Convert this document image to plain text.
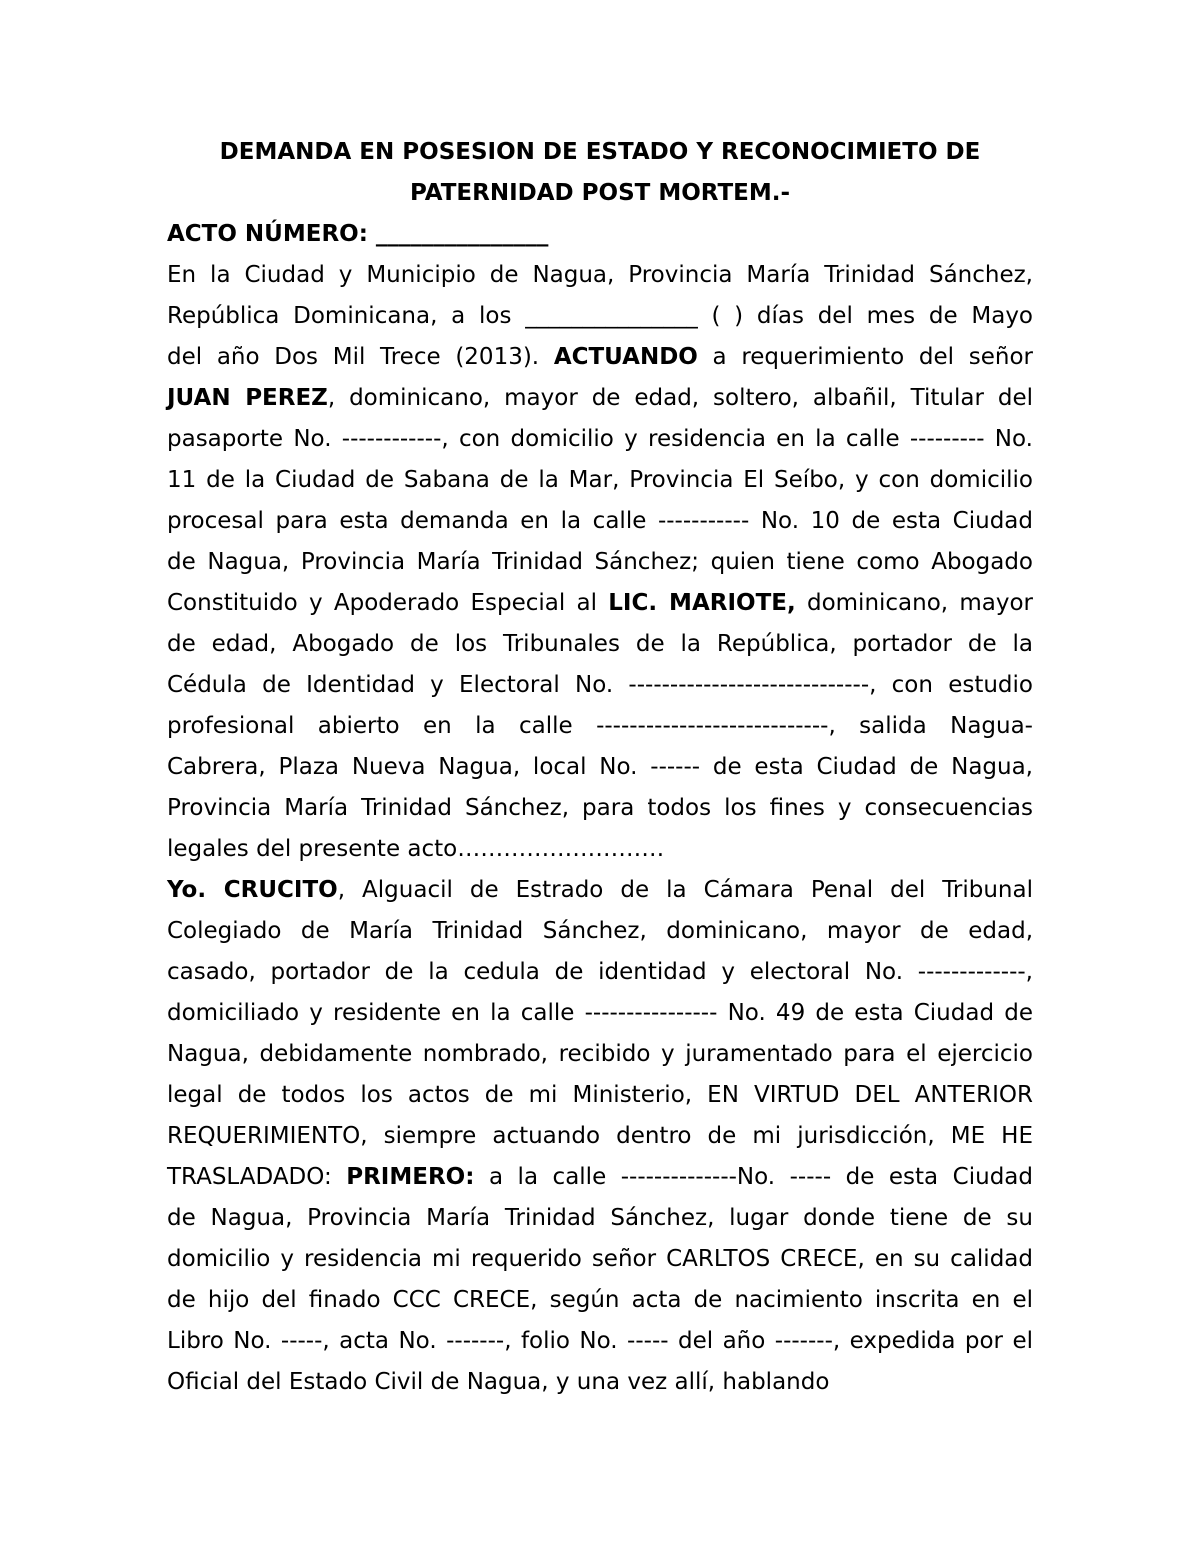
DEMANDA EN POSESION DE ESTADO Y RECONOCIMIETO DE

PATERNIDAD POST MORTEM.-

ACTO NÚMERO: _______________

En la Ciudad y Municipio de Nagua, Provincia María Trinidad Sánchez,

República Dominicana, a los _______________ ( ) días del mes de Mayo

del año Dos Mil Trece (2013). ACTUANDO a requerimiento del señor

JUAN PEREZ, dominicano, mayor de edad, soltero, albañil, Titular del

pasaporte No. ------------, con domicilio y residencia en la calle --------- No.

11 de la Ciudad de Sabana de la Mar, Provincia El Seíbo, y con domicilio

procesal para esta demanda en la calle ----------- No. 10 de esta Ciudad

de Nagua, Provincia María Trinidad Sánchez; quien tiene como Abogado

Constituido y Apoderado Especial al LIC. MARIOTE, dominicano, mayor

de edad, Abogado de los Tribunales de la República, portador de la

Cédula de Identidad y Electoral No. -----------------------------, con estudio

profesional abierto en la calle ----------------------------, salida Nagua-

Cabrera, Plaza Nueva Nagua, local No. ------ de esta Ciudad de Nagua,

Provincia María Trinidad Sánchez, para todos los fines y consecuencias

legales del presente acto………………………

Yo. CRUCITO, Alguacil de Estrado de la Cámara Penal del Tribunal

Colegiado de María Trinidad Sánchez, dominicano, mayor de edad,

casado, portador de la cedula de identidad y electoral No. -------------,

domiciliado y residente en la calle ---------------- No. 49 de esta Ciudad de

Nagua, debidamente nombrado, recibido y juramentado para el ejercicio

legal de todos los actos de mi Ministerio, EN VIRTUD DEL ANTERIOR

REQUERIMIENTO, siempre actuando dentro de mi jurisdicción, ME HE

TRASLADADO: PRIMERO: a la calle --------------No. ----- de esta Ciudad

de Nagua, Provincia María Trinidad Sánchez, lugar donde tiene de su

domicilio y residencia mi requerido señor CARLTOS CRECE, en su calidad

de hijo del finado CCC CRECE, según acta de nacimiento inscrita en el

Libro No. -----, acta No. -------, folio No. ----- del año -------, expedida por el

Oficial del Estado Civil de Nagua, y una vez allí, hablando
